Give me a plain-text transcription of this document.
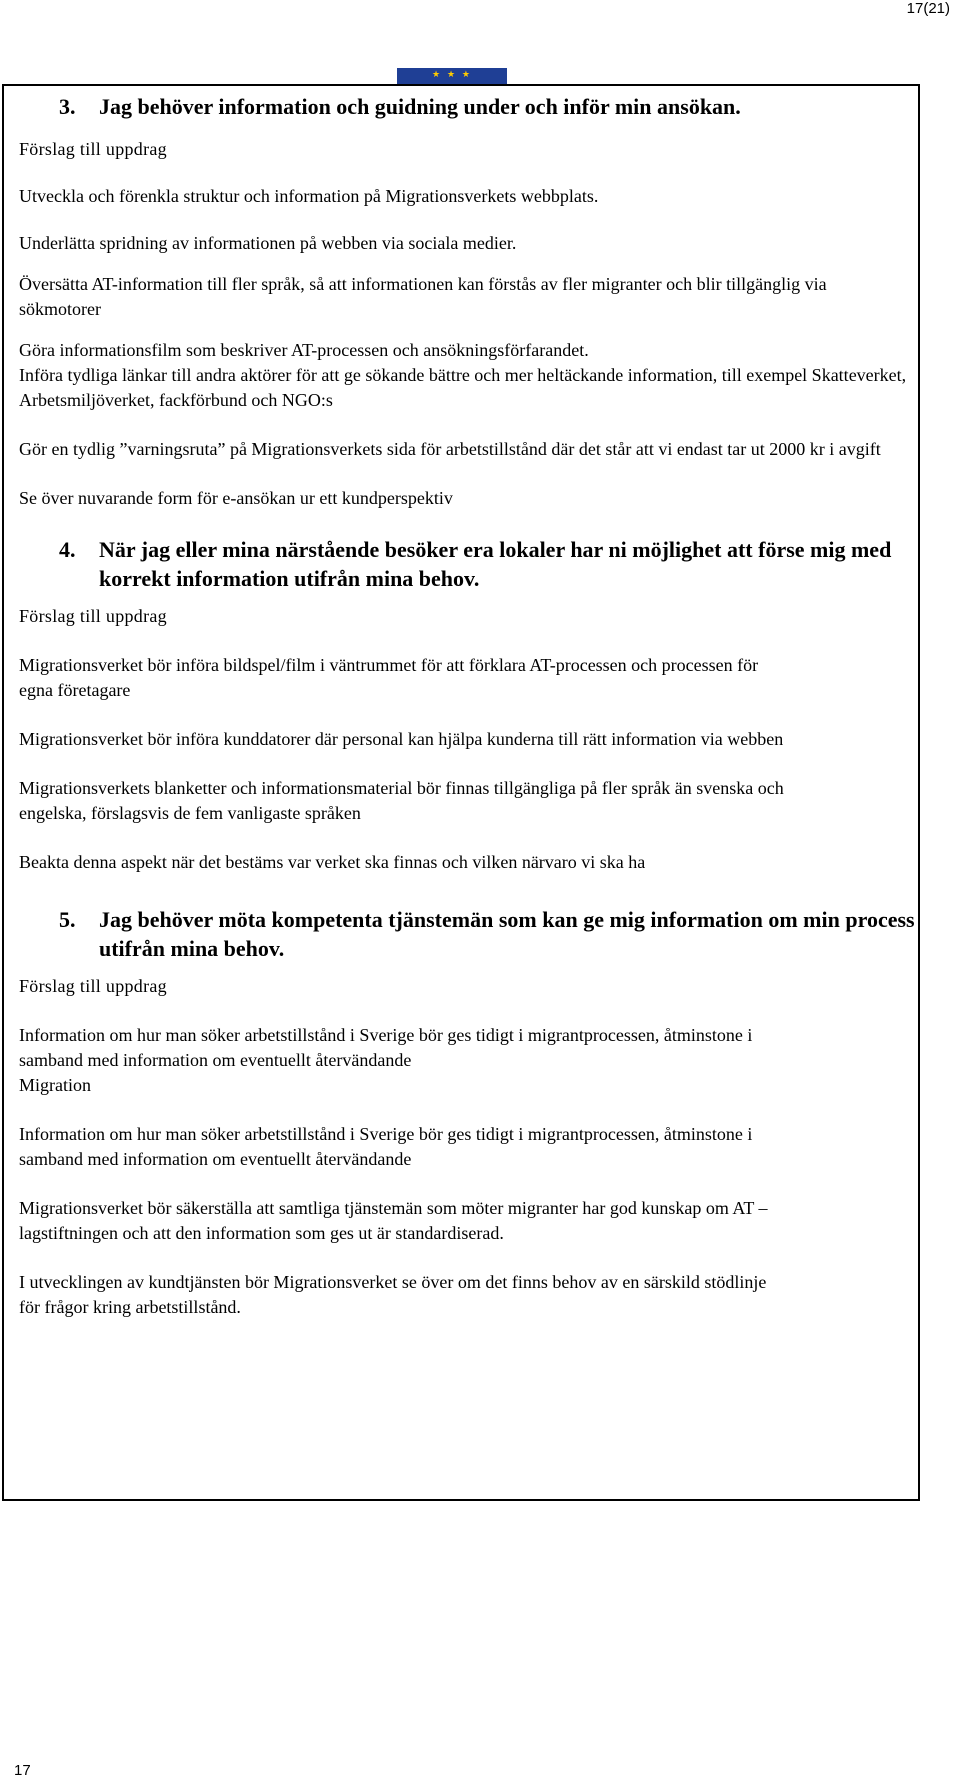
17(21)
★ ★ ★
3. Jag behöver information och guidning under och inför min ansökan.

Förslag till uppdrag

Utveckla och förenkla struktur och information på Migrationsverkets webbplats.

Underlätta spridning av informationen på webben via sociala medier.

Översätta AT-information till fler språk, så att informationen kan förstås av fler migranter och blir tillgänglig via sökmotorer

Göra informationsfilm som beskriver AT-processen och ansökningsförfarandet.

Införa tydliga länkar till andra aktörer för att ge sökande bättre och mer heltäckande information, till exempel Skatteverket, Arbetsmiljöverket, fackförbund och NGO:s

Gör en tydlig ”varningsruta” på Migrationsverkets sida för arbetstillstånd där det står att vi endast tar ut 2000 kr i avgift

Se över nuvarande form för e-ansökan ur ett kundperspektiv

4. När jag eller mina närstående besöker era lokaler har ni möjlighet att förse mig med korrekt information utifrån mina behov.

Förslag till uppdrag

Migrationsverket bör införa bildspel/film i väntrummet för att förklara AT-processen och processen för egna företagare

Migrationsverket bör införa kunddatorer där personal kan hjälpa kunderna till rätt information via webben

Migrationsverkets blanketter och informationsmaterial bör finnas tillgängliga på fler språk än svenska och engelska, förslagsvis de fem vanligaste språken

Beakta denna aspekt när det bestäms var verket ska finnas och vilken närvaro vi ska ha

5. Jag behöver möta kompetenta tjänstemän som kan ge mig information om min process utifrån mina behov.

Förslag till uppdrag

Information om hur man söker arbetstillstånd i Sverige bör ges tidigt i migrantprocessen, åtminstone i samband med information om eventuellt återvändande

Migration

Information om hur man söker arbetstillstånd i Sverige bör ges tidigt i migrantprocessen, åtminstone i samband med information om eventuellt återvändande

Migrationsverket bör säkerställa att samtliga tjänstemän som möter migranter har god kunskap om AT – lagstiftningen och att den information som ges ut är standardiserad.

I utvecklingen av kundtjänsten bör Migrationsverket se över om det finns behov av en särskild stödlinje för frågor kring arbetstillstånd.

17
